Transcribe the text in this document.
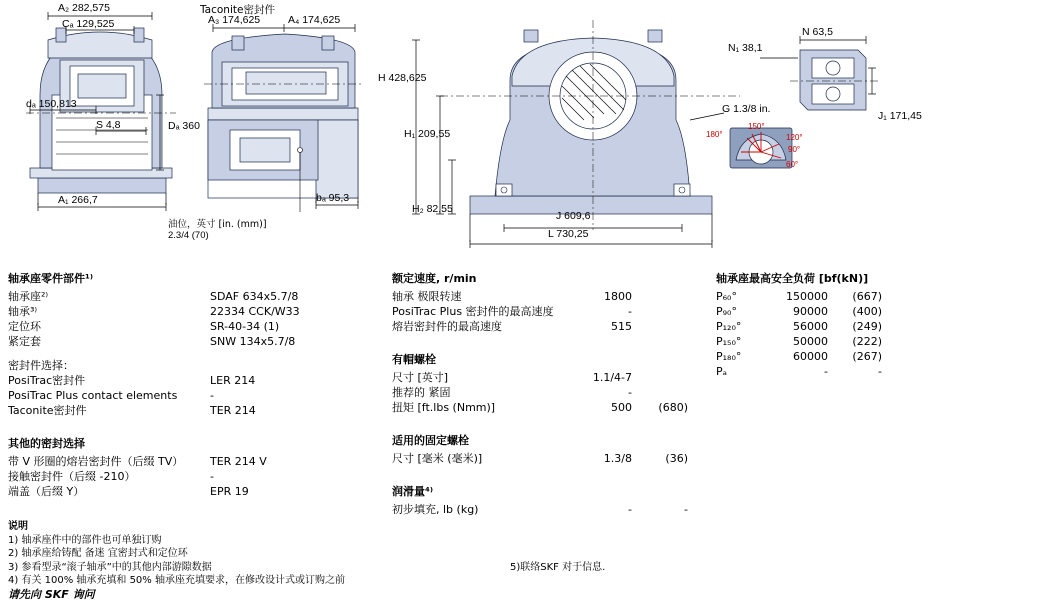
A₂ 282,575
Cₐ 129,525
dₐ 150,813
S 4,8	Dₐ 360
A₁ 266,7
Taconite密封件
A₃ 174,625	A₄ 174,625
bₐ 95,3
油位，英寸 [in. (mm)]
2.3/4 (70)
H 428,625
H₁ 209,55
H₂ 82,55
J 609,6
L 730,25
G 1.3/8 in.
N₁ 38,1
N 63,5
J₁ 171,45
180°
150°
120°
90°
60°
轴承座零件部件¹⁾
轴承座²⁾	SDAF 634x5.7/8
轴承³⁾	22334 CCK/W33
定位环	SR-40-34 (1)
紧定套	SNW 134x5.7/8
密封件选择：
PosiTrac密封件	LER 214
PosiTrac Plus contact elements	-
Taconite密封件	TER 214
其他的密封选择
带 V 形圈的熔岩密封件（后缀 TV） TER 214 V
接触密封件（后缀 -210）	-
端盖（后缀 Y）	EPR 19
额定速度, r/min
轴承 极限转速	1800
PosiTrac Plus 密封件的最高速度	-
熔岩密封件的最高速度	515
有帽螺栓
尺寸 [英寸]	1.1/4-7
推荐的 紧固	-
扭矩 [ft.lbs (Nmm)]	500	(680)
适用的固定螺栓
尺寸 [毫米 (毫米)]	1.3/8	(36)
润滑量⁴⁾
初步填充, lb (kg)	-	-
轴承座最高安全负荷 [bf(kN)]
P₆₀°	150000	(667)
P₉₀°	90000	(400)
P₁₂₀°	56000	(249)
P₁₅₀°	50000	(222)
P₁₈₀°	60000	(267)
Pₐ	-	-
说明
1) 轴承座件中的部件也可单独订购
2) 轴承座给铸配 备迷 宜密封式和定位环
3) 参看型录“滚子轴承”中的其他内部游隙数据
4) 有关 100% 轴承充填和 50% 轴承座充填要求，在修改设计式或订购之前
5)联络SKF 对于信息.
请先向 SKF 询问
